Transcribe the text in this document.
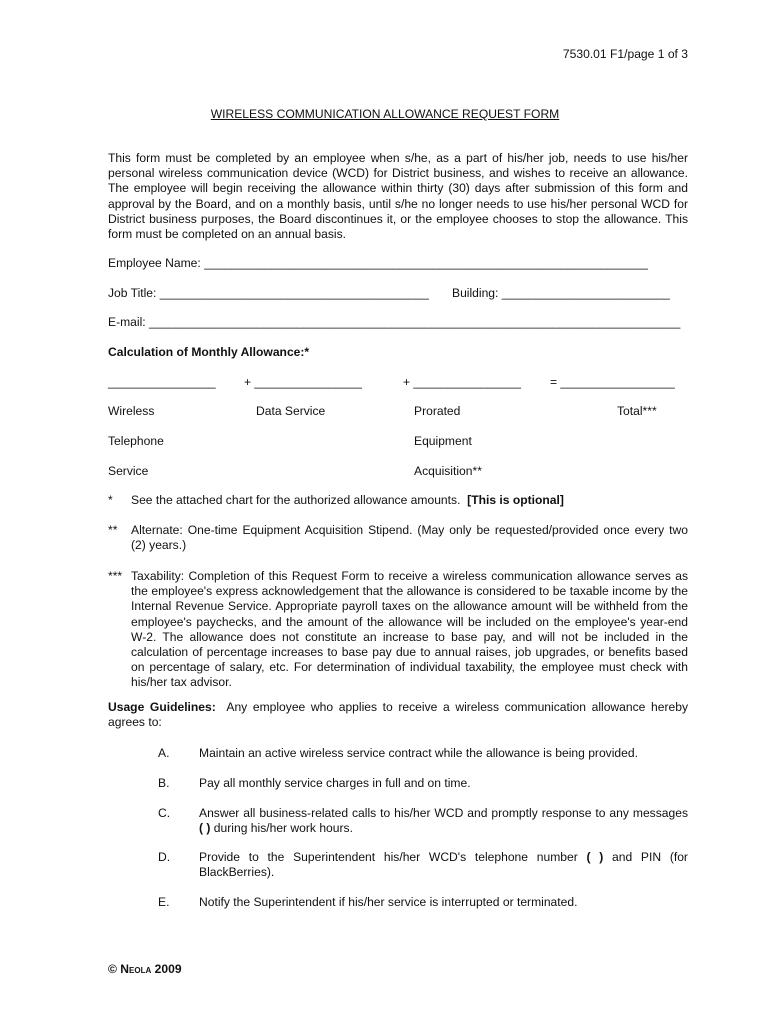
7530.01 F1/page 1 of 3
WIRELESS COMMUNICATION ALLOWANCE REQUEST FORM
This form must be completed by an employee when s/he, as a part of his/her job, needs to use his/her personal wireless communication device (WCD) for District business, and wishes to receive an allowance. The employee will begin receiving the allowance within thirty (30) days after submission of this form and approval by the Board, and on a monthly basis, until s/he no longer needs to use his/her personal WCD for District business purposes, the Board discontinues it, or the employee chooses to stop the allowance. This form must be completed on an annual basis.
Employee Name: __________________________________________________________________
Job Title: ________________________________________ Building: _________________________
E-mail: _______________________________________________________________________________
Calculation of Monthly Allowance:*
________________ + ________________	+ ________________ = _________________
Wireless
Telephone
Service
Data Service	Prorated
Equipment
Acquisition**
Total***
* See the attached chart for the authorized allowance amounts. [This is optional]
** Alternate: One-time Equipment Acquisition Stipend. (May only be requested/provided once every two (2) years.)
*** Taxability: Completion of this Request Form to receive a wireless communication allowance serves as the employee's express acknowledgement that the allowance is considered to be taxable income by the Internal Revenue Service. Appropriate payroll taxes on the allowance amount will be withheld from the employee's paychecks, and the amount of the allowance will be included on the employee's year-end W-2. The allowance does not constitute an increase to base pay, and will not be included in the calculation of percentage increases to base pay due to annual raises, job upgrades, or benefits based on percentage of salary, etc. For determination of individual taxability, the employee must check with his/her tax advisor.
Usage Guidelines: Any employee who applies to receive a wireless communication allowance hereby agrees to:
A. Maintain an active wireless service contract while the allowance is being provided.
B. Pay all monthly service charges in full and on time.
C. Answer all business-related calls to his/her WCD and promptly response to any messages ( ) during his/her work hours.
D. Provide to the Superintendent his/her WCD's telephone number ( ) and PIN (for BlackBerries).
E. Notify the Superintendent if his/her service is interrupted or terminated.
© Neola 2009
